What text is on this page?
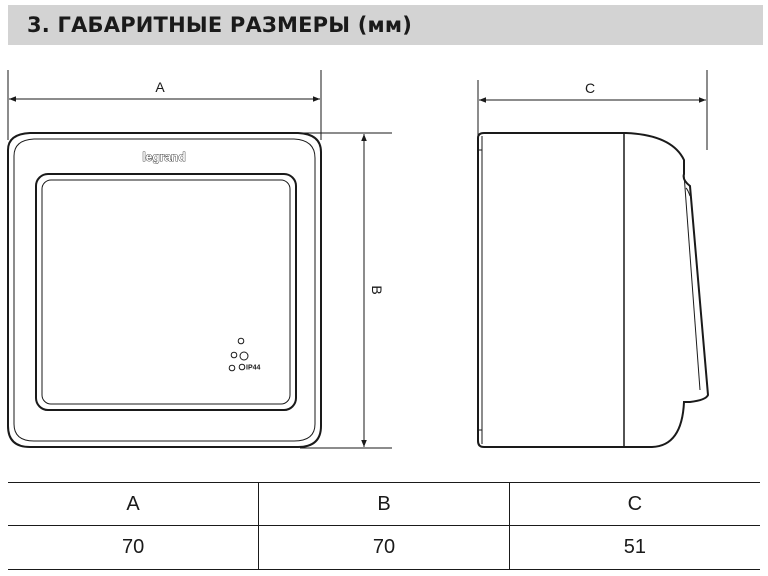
3. ГАБАРИТНЫЕ РАЗМЕРЫ (мм)
A
B
legrand
IP44
C
A	B	C
70	70	51
